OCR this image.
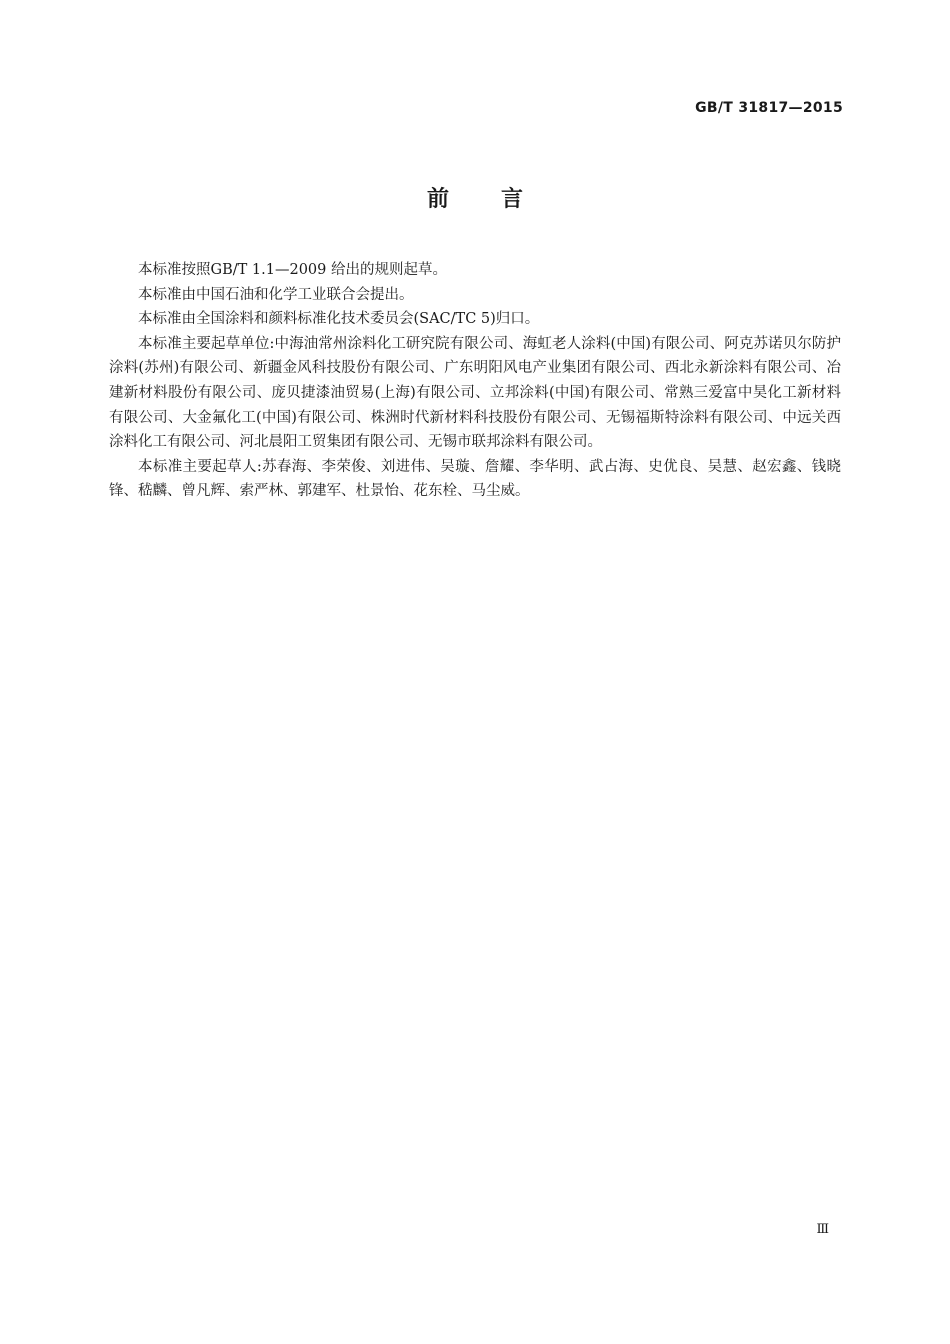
GB/T 31817—2015
前言

本标准按照GB/T 1.1—2009 给出的规则起草。

本标准由中国石油和化学工业联合会提出。

本标准由全国涂料和颜料标准化技术委员会(SAC/TC 5)归口。

本标准主要起草单位:中海油常州涂料化工研究院有限公司、海虹老人涂料(中国)有限公司、阿克苏诺贝尔防护涂料(苏州)有限公司、新疆金风科技股份有限公司、广东明阳风电产业集团有限公司、西北永新涂料有限公司、冶建新材料股份有限公司、庞贝捷漆油贸易(上海)有限公司、立邦涂料(中国)有限公司、常熟三爱富中昊化工新材料有限公司、大金氟化工(中国)有限公司、株洲时代新材料科技股份有限公司、无锡福斯特涂料有限公司、中远关西涂料化工有限公司、河北晨阳工贸集团有限公司、无锡市联邦涂料有限公司。

本标准主要起草人:苏春海、李荣俊、刘进伟、吴璇、詹耀、李华明、武占海、史优良、吴慧、赵宏鑫、钱晓锋、嵇麟、曾凡辉、索严林、郭建军、杜景怡、花东栓、马尘威。

Ⅲ
